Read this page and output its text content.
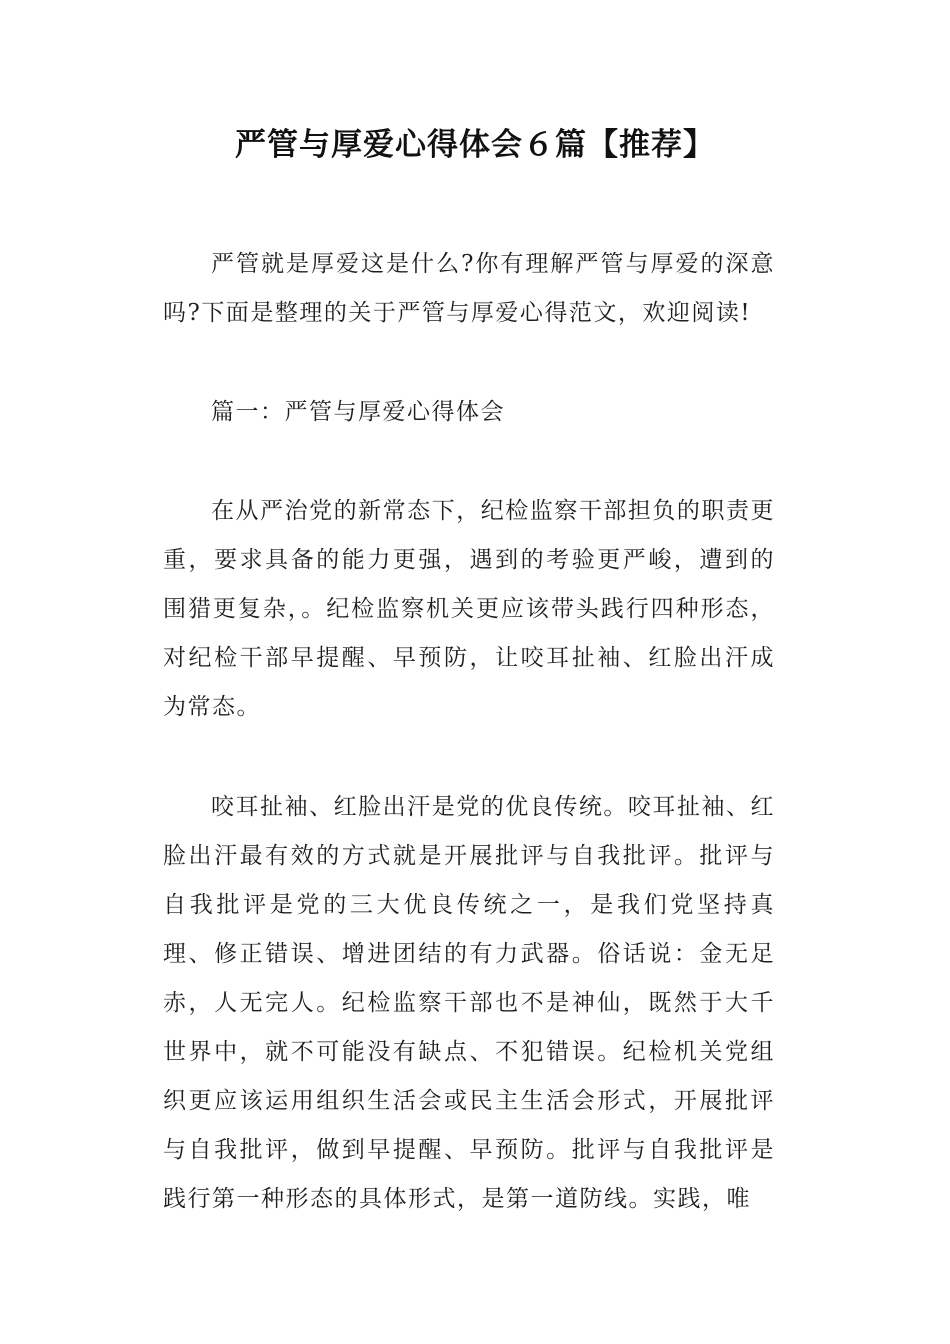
严管与厚爱心得体会６篇【推荐】

严管就是厚爱这是什么?你有理解严管与厚爱的深意吗?下面是整理的关于严管与厚爱心得范文，欢迎阅读!

篇一：严管与厚爱心得体会

在从严治党的新常态下，纪检监察干部担负的职责更重，要求具备的能力更强，遇到的考验更严峻，遭到的围猎更复杂，。纪检监察机关更应该带头践行四种形态，对纪检干部早提醒、早预防，让咬耳扯袖、红脸出汗成为常态。

咬耳扯袖、红脸出汗是党的优良传统。咬耳扯袖、红脸出汗最有效的方式就是开展批评与自我批评。批评与自我批评是党的三大优良传统之一，是我们党坚持真理、修正错误、增进团结的有力武器。俗话说：金无足赤，人无完人。纪检监察干部也不是神仙，既然于大千世界中，就不可能没有缺点、不犯错误。纪检机关党组织更应该运用组织生活会或民主生活会形式，开展批评与自我批评，做到早提醒、早预防。批评与自我批评是践行第一种形态的具体形式，是第一道防线。实践，唯
